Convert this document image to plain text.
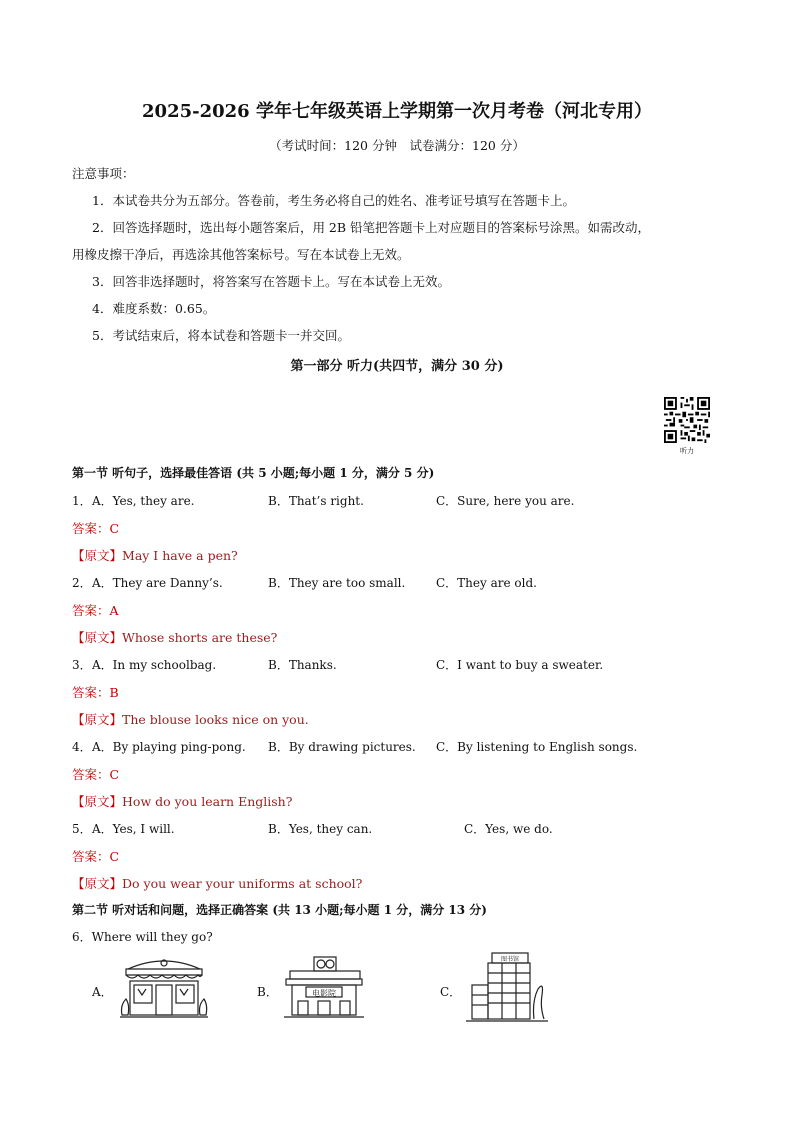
2025-2026 学年七年级英语上学期第一次月考卷（河北专用）
（考试时间：120 分钟　试卷满分：120 分）
注意事项：
1．本试卷共分为五部分。答卷前，考生务必将自己的姓名、准考证号填写在答题卡上。
2．回答选择题时，选出每小题答案后，用 2B 铅笔把答题卡上对应题目的答案标号涂黑。如需改动，
用橡皮擦干净后，再选涂其他答案标号。写在本试卷上无效。
3．回答非选择题时，将答案写在答题卡上。写在本试卷上无效。
4．难度系数：0.65。
5．考试结束后，将本试卷和答题卡一并交回。
第一部分 听力(共四节，满分 30 分)
听力
第一节 听句子，选择最佳答语 (共 5 小题;每小题 1 分，满分 5 分)
1． A．Yes, they are.	B．That’s right.	C．Sure, here you are.
答案：C
【原文】May I have a pen?
2． A．They are Danny’s.	B．They are too small.	C．They are old.
答案：A
【原文】Whose shorts are these?
3． A．In my schoolbag.	B．Thanks.	C．I want to buy a sweater.
答案：B
【原文】The blouse looks nice on you.
4． A．By playing ping-pong. B．By drawing pictures. C．By listening to English songs.
答案：C
【原文】How do you learn English?
5． A．Yes, I will.	B．Yes, they can.	C．Yes, we do.
答案：C
【原文】Do you wear your uniforms at school?
第二节 听对话和问题，选择正确答案 (共 13 小题;每小题 1 分，满分 13 分)
6．Where will they go?
A．	B．	C．
电影院
图书馆
